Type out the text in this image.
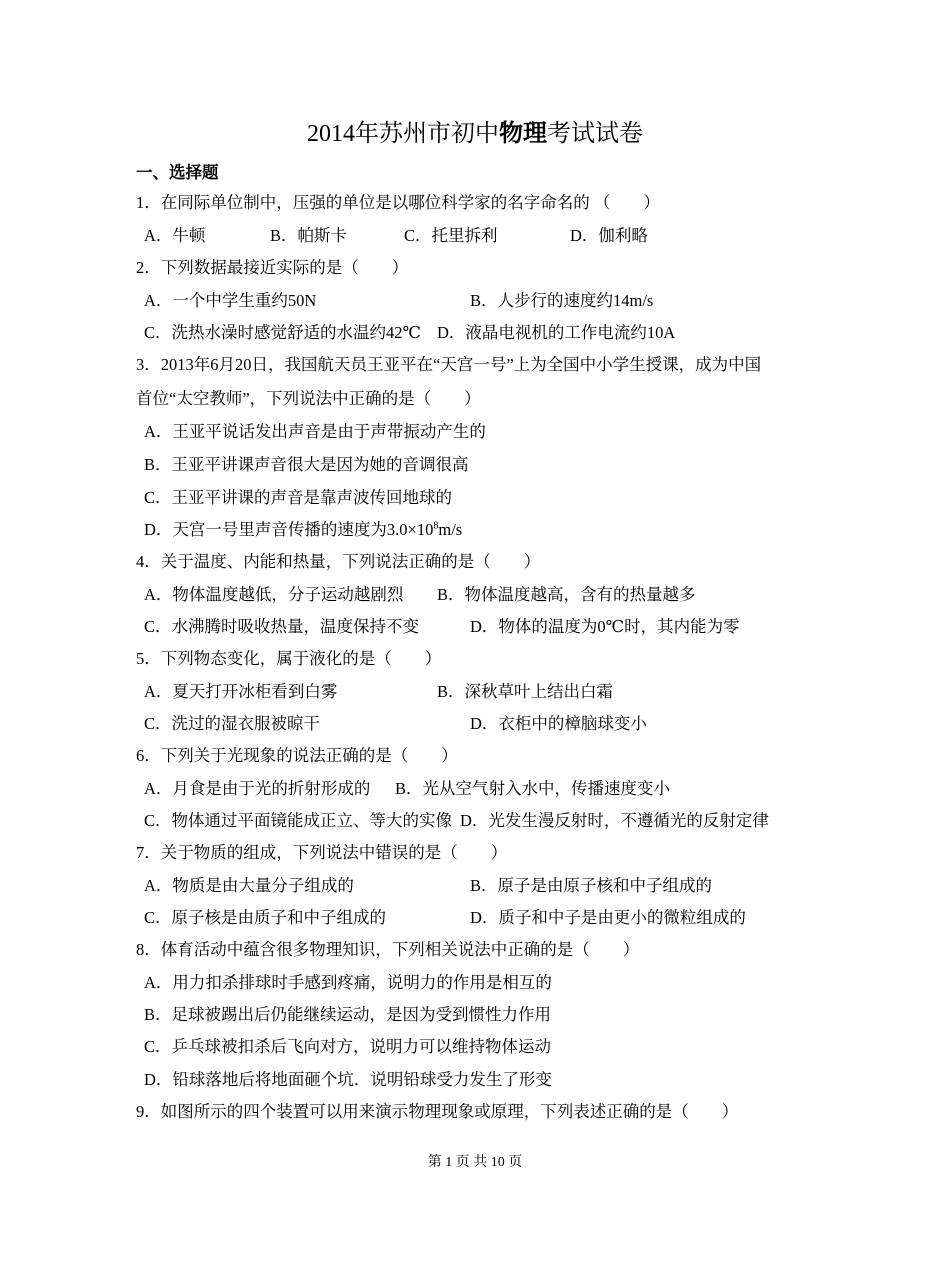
2014年苏州市初中物理考试试卷
一、选择题
1．在同际单位制中，压强的单位是以哪位科学家的名字命名的 （　　）
A．牛顿	B．帕斯卡	C．托里拆利	D．伽利略
2．下列数据最接近实际的是（　　）
A．一个中学生重约50N	B．人步行的速度约14m/s
C．洗热水澡时感觉舒适的水温约42℃ D．液晶电视机的工作电流约10A
3．2013年6月20日，我国航天员王亚平在“天宫一号”上为全国中小学生授课，成为中国
首位“太空教师”，下列说法中正确的是（　　）
A．王亚平说话发出声音是由于声带振动产生的
B．王亚平讲课声音很大是因为她的音调很高
C．王亚平讲课的声音是靠声波传回地球的
D．天宫一号里声音传播的速度为$3.0\times 10^8m/s$
4．关于温度、内能和热量，下列说法正确的是（　　）
A．物体温度越低，分子运动越剧烈 B．物体温度越高，含有的热量越多
C．水沸腾时吸收热量，温度保持不变	D．物体的温度为0℃时，其内能为零
5．下列物态变化，属于液化的是（　　）
A．夏天打开冰柜看到白雾	B．深秋草叶上结出白霜
C．洗过的湿衣服被晾干	D．衣柜中的樟脑球变小
6．下列关于光现象的说法正确的是（　　）
A．月食是由于光的折射形成的 B．光从空气射入水中，传播速度变小
C．物体通过平面镜能成正立、等大的实像 D．光发生漫反射时，不遵循光的反射定律
7．关于物质的组成，下列说法中错误的是（　　）
A．物质是由大量分子组成的	B．原子是由原子核和中子组成的
C．原子核是由质子和中子组成的	D．质子和中子是由更小的微粒组成的
8．体育活动中蕴含很多物理知识，下列相关说法中正确的是（　　）
A．用力扣杀排球时手感到疼痛，说明力的作用是相互的
B．足球被踢出后仍能继续运动，是因为受到惯性力作用
C．乒乓球被扣杀后飞向对方，说明力可以维持物体运动
D．铅球落地后将地面砸个坑．说明铅球受力发生了形变
9．如图所示的四个装置可以用来演示物理现象或原理，下列表述正确的是（　　）
第 1 页 共 10 页
